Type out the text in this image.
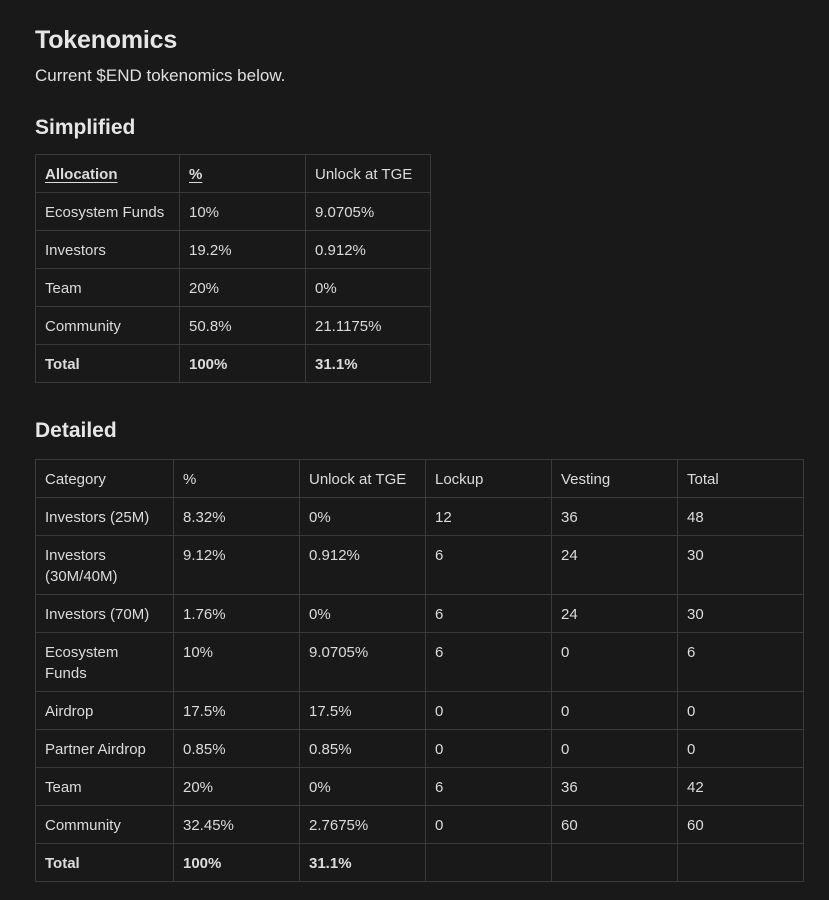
Tokenomics
Current $END tokenomics below.
Simplified
Allocation	%	Unlock at TGE
Ecosystem Funds	10%	9.0705%
Investors	19.2%	0.912%
Team	20%	0%
Community	50.8%	21.1175%
Total	100%	31.1%
Detailed
Category	%	Unlock at TGE	Lockup	Vesting	Total
Investors (25M)	8.32%	0%	12	36	48
Investors (30M/40M)	9.12%	0.912%	6	24	30
Investors (70M)	1.76%	0%	6	24	30
Ecosystem Funds	10%	9.0705%	6	0	6
Airdrop	17.5%	17.5%	0	0	0
Partner Airdrop	0.85%	0.85%	0	0	0
Team	20%	0%	6	36	42
Community	32.45%	2.7675%	0	60	60
Total	100%	31.1%			
